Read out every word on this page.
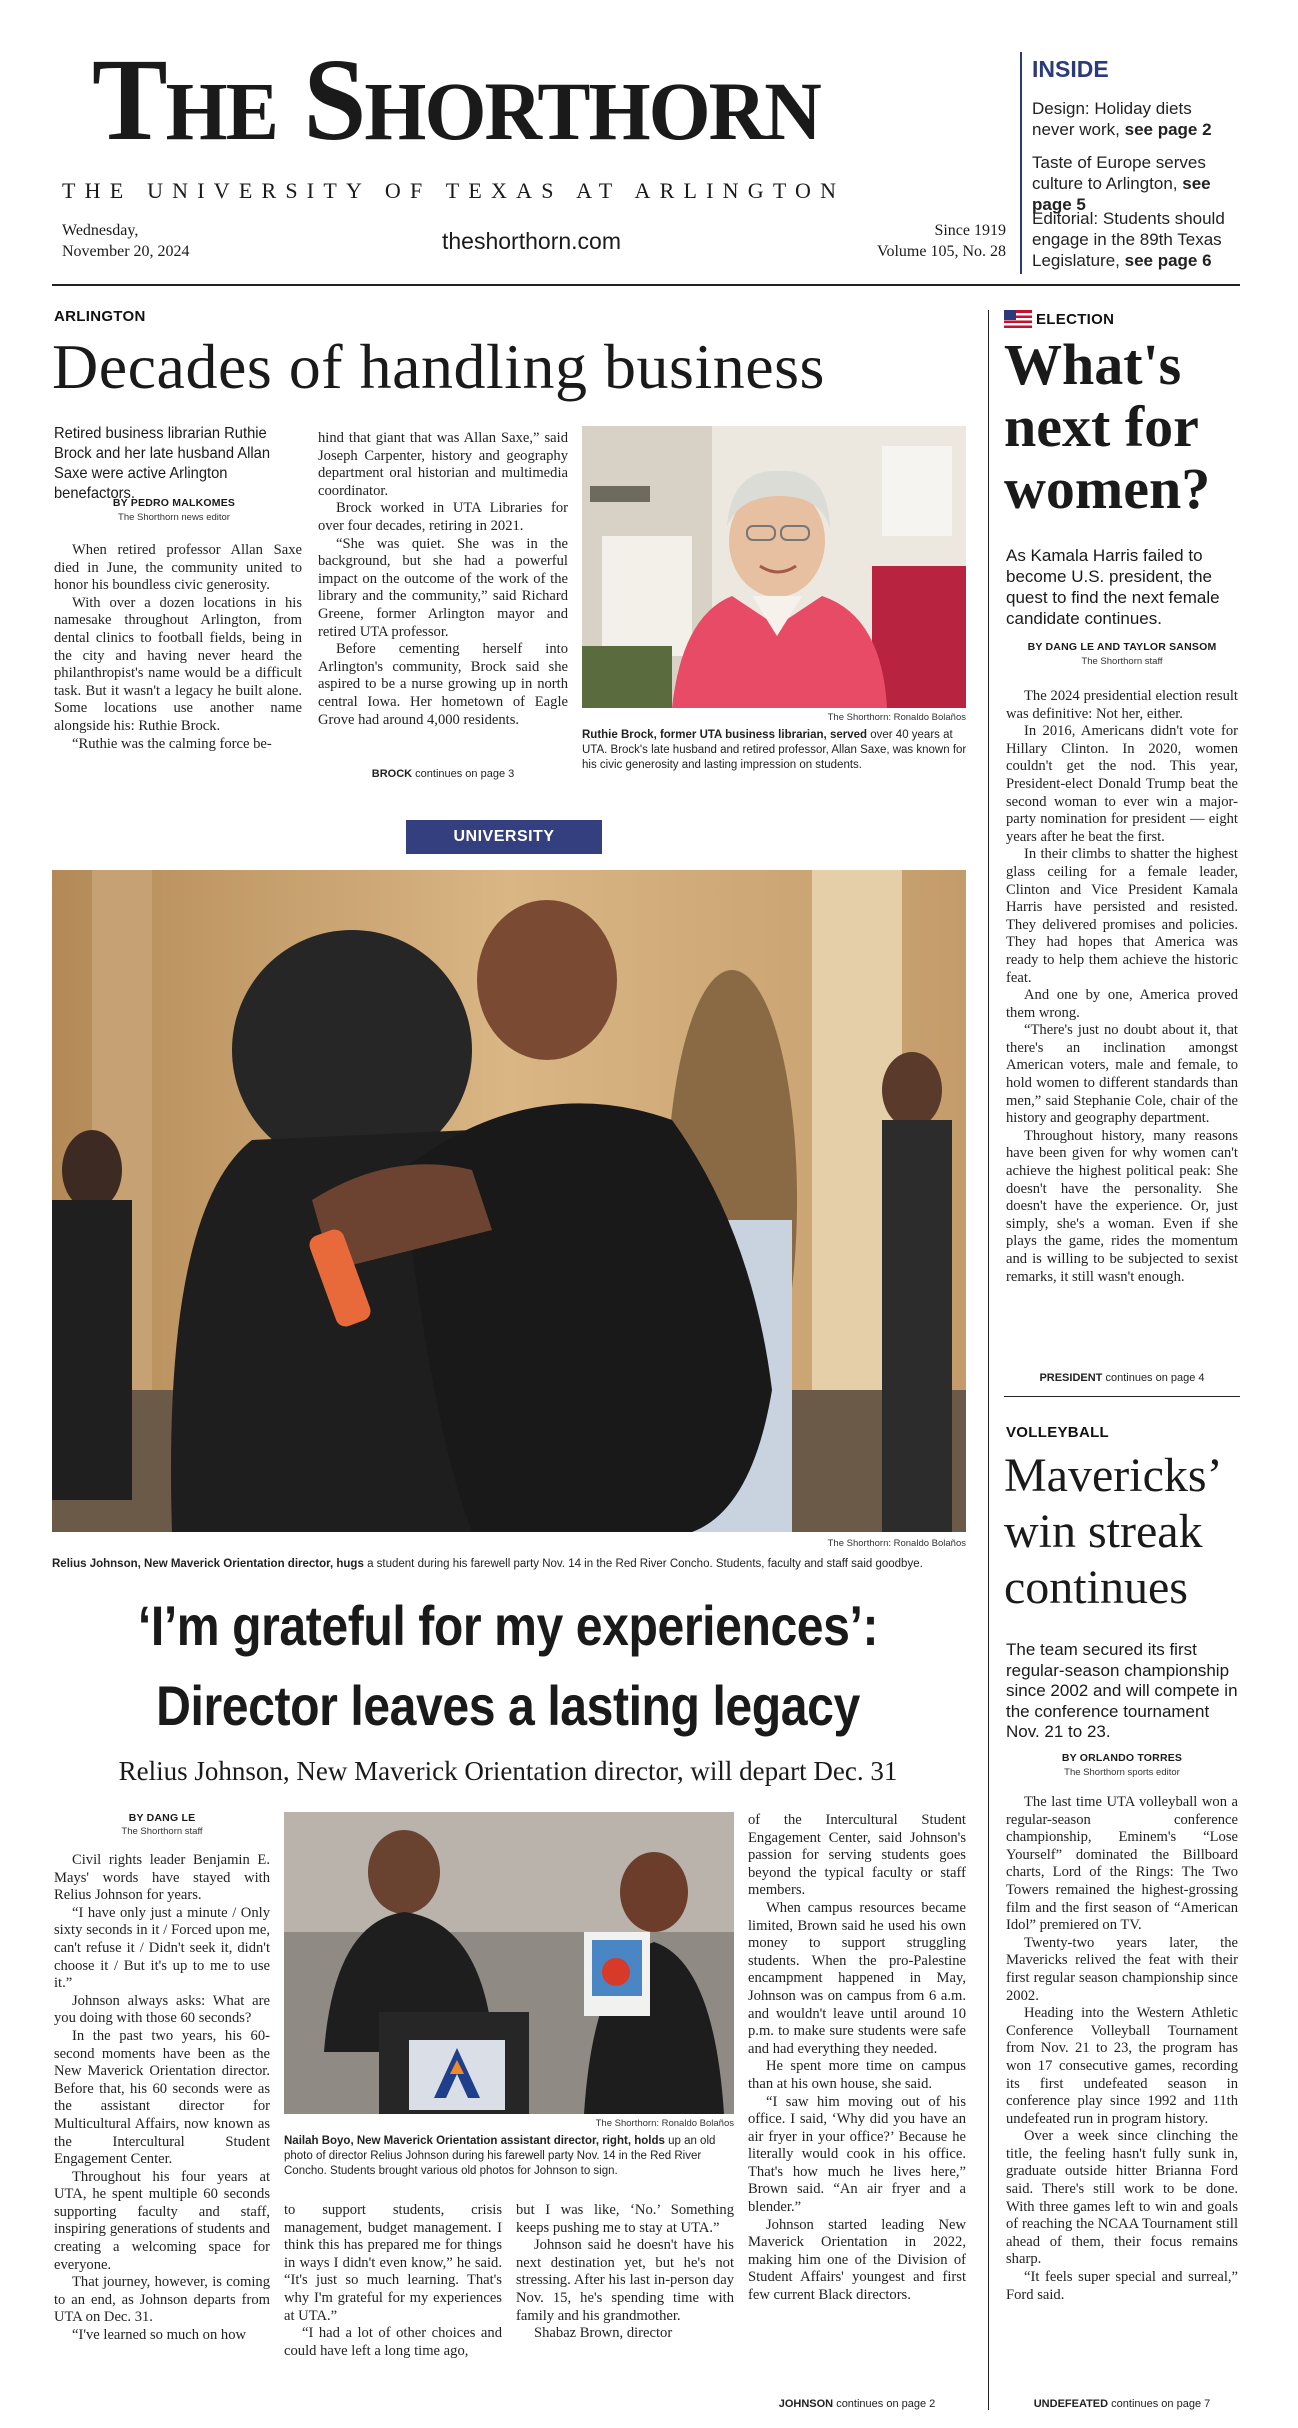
The Shorthorn
THE UNIVERSITY OF TEXAS AT ARLINGTON
Wednesday,
November 20, 2024	theshorthorn.com	Since 1919
Volume 105, No. 28
INSIDE
Design: Holiday diets never work, see page 2
Taste of Europe serves culture to Arlington, see page 5
Editorial: Students should engage in the 89th Texas Legislature, see page 6
ARLINGTON
Decades of handling business
Retired business librarian Ruthie Brock and her late husband Allan Saxe were active Arlington benefactors.
BY PEDRO MALKOMES
The Shorthorn news editor

When retired professor Allan Saxe died in June, the community united to honor his boundless civic generosity.

With over a dozen locations in his namesake throughout Arlington, from dental clinics to football fields, being in the city and having never heard the philanthropist's name would be a difficult task. But it wasn't a legacy he built alone. Some locations use another name alongside his: Ruthie Brock.

“Ruthie was the calming force be-

hind that giant that was Allan Saxe,” said Joseph Carpenter, history and geography department oral historian and multimedia coordinator.

Brock worked in UTA Libraries for over four decades, retiring in 2021.

“She was quiet. She was in the background, but she had a powerful impact on the outcome of the work of the library and the community,” said Richard Greene, former Arlington mayor and retired UTA professor.

Before cementing herself into Arlington's community, Brock said she aspired to be a nurse growing up in north central Iowa. Her hometown of Eagle Grove had around 4,000 residents.

BROCK continues on page 3
The Shorthorn: Ronaldo Bolaños
Ruthie Brock, former UTA business librarian, served over 40 years at UTA. Brock's late husband and retired professor, Allan Saxe, was known for his civic generosity and lasting impression on students.
UNIVERSITY
The Shorthorn: Ronaldo Bolaños
Relius Johnson, New Maverick Orientation director, hugs a student during his farewell party Nov. 14 in the Red River Concho. Students, faculty and staff said goodbye.
‘I’m grateful for my experiences’:
Director leaves a lasting legacy
Relius Johnson, New Maverick Orientation director, will depart Dec. 31
BY DANG LE
The Shorthorn staff

Civil rights leader Benjamin E. Mays' words have stayed with Relius Johnson for years.

“I have only just a minute / Only sixty seconds in it / Forced upon me, can't refuse it / Didn't seek it, didn't choose it / But it's up to me to use it.”

Johnson always asks: What are you doing with those 60 seconds?

In the past two years, his 60-second moments have been as the New Maverick Orientation director. Before that, his 60 seconds were as the assistant director for Multicultural Affairs, now known as the Intercultural Student Engagement Center.

Throughout his four years at UTA, he spent multiple 60 seconds supporting faculty and staff, inspiring generations of students and creating a welcoming space for everyone.

That journey, however, is coming to an end, as Johnson departs from UTA on Dec. 31.

“I've learned so much on how

The Shorthorn: Ronaldo Bolaños
Nailah Boyo, New Maverick Orientation assistant director, right, holds up an old photo of director Relius Johnson during his farewell party Nov. 14 in the Red River Concho. Students brought various old photos for Johnson to sign.

to support students, crisis management, budget management. I think this has prepared me for things in ways I didn't even know,” he said. “It's just so much learning. That's why I'm grateful for my experiences at UTA.”

“I had a lot of other choices and could have left a long time ago,

but I was like, ‘No.’ Something keeps pushing me to stay at UTA.”

Johnson said he doesn't have his next destination yet, but he's not stressing. After his last in-person day Nov. 15, he's spending time with family and his grandmother.

Shabaz Brown, director

of the Intercultural Student Engagement Center, said Johnson's passion for serving students goes beyond the typical faculty or staff members.

When campus resources became limited, Brown said he used his own money to support struggling students. When the pro-Palestine encampment happened in May, Johnson was on campus from 6 a.m. and wouldn't leave until around 10 p.m. to make sure students were safe and had everything they needed.

He spent more time on campus than at his own house, she said.

“I saw him moving out of his office. I said, ‘Why did you have an air fryer in your office?’ Because he literally would cook in his office. That's how much he lives here,” Brown said. “An air fryer and a blender.”

Johnson started leading New Maverick Orientation in 2022, making him one of the Division of Student Affairs' youngest and first few current Black directors.

JOHNSON continues on page 2
ELECTION
What's next for women?
As Kamala Harris failed to become U.S. president, the quest to find the next female candidate continues.
BY DANG LE AND TAYLOR SANSOM
The Shorthorn staff

The 2024 presidential election result was definitive: Not her, either.

In 2016, Americans didn't vote for Hillary Clinton. In 2020, women couldn't get the nod. This year, President-elect Donald Trump beat the second woman to ever win a major-party nomination for president — eight years after he beat the first.

In their climbs to shatter the highest glass ceiling for a female leader, Clinton and Vice President Kamala Harris have persisted and resisted. They delivered promises and policies. They had hopes that America was ready to help them achieve the historic feat.

And one by one, America proved them wrong.

“There's just no doubt about it, that there's an inclination amongst American voters, male and female, to hold women to different standards than men,” said Stephanie Cole, chair of the history and geography department.

Throughout history, many reasons have been given for why women can't achieve the highest political peak: She doesn't have the personality. She doesn't have the experience. Or, just simply, she's a woman. Even if she plays the game, rides the momentum and is willing to be subjected to sexist remarks, it still wasn't enough.

PRESIDENT continues on page 4
VOLLEYBALL
Mavericks’ win streak continues
The team secured its first regular-season championship since 2002 and will compete in the conference tournament Nov. 21 to 23.
BY ORLANDO TORRES
The Shorthorn sports editor

The last time UTA volleyball won a regular-season conference championship, Eminem's “Lose Yourself” dominated the Billboard charts, Lord of the Rings: The Two Towers remained the highest-grossing film and the first season of “American Idol” premiered on TV.

Twenty-two years later, the Mavericks relived the feat with their first regular season championship since 2002.

Heading into the Western Athletic Conference Volleyball Tournament from Nov. 21 to 23, the program has won 17 consecutive games, recording its first undefeated season in conference play since 1992 and 11th undefeated run in program history.

Over a week since clinching the title, the feeling hasn't fully sunk in, graduate outside hitter Brianna Ford said. There's still work to be done. With three games left to win and goals of reaching the NCAA Tournament still ahead of them, their focus remains sharp.

“It feels super special and surreal,” Ford said.

UNDEFEATED continues on page 7
